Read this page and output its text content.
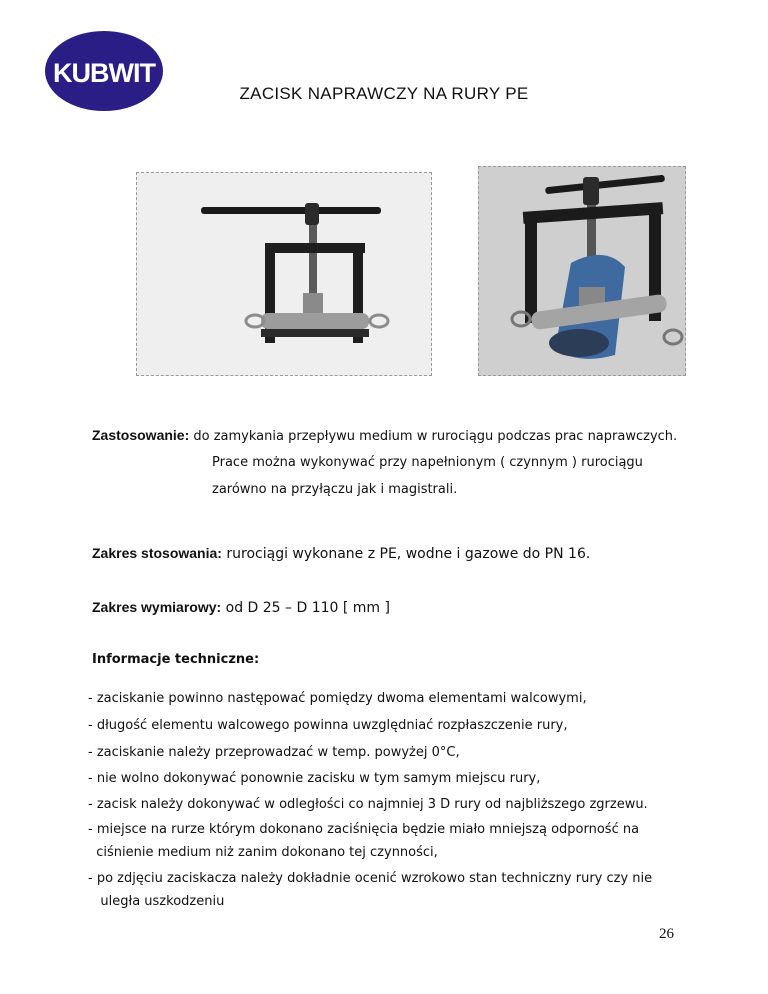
KUBWIT
ZACISK NAPRAWCZY NA RURY PE
Zastosowanie: do zamykania przepływu medium w rurociągu podczas prac naprawczych.
Prace można wykonywać przy napełnionym ( czynnym ) rurociągu
zarówno na przyłączu jak i magistrali.
Zakres stosowania: rurociągi wykonane z PE, wodne i gazowe do PN 16.
Zakres wymiarowy: od D 25 – D 110 [ mm ]
Informacje techniczne:
- zaciskanie powinno następować pomiędzy dwoma elementami walcowymi,
- długość elementu walcowego powinna uwzględniać rozpłaszczenie rury,
- zaciskanie należy przeprowadzać w temp. powyżej 0°C,
- nie wolno dokonywać ponownie zacisku w tym samym miejscu rury,
- zacisk należy dokonywać w odległości co najmniej 3 D rury od najbliższego zgrzewu.
- miejsce na rurze którym dokonano zaciśnięcia będzie miało mniejszą odporność na
ciśnienie medium niż zanim dokonano tej czynności,
- po zdjęciu zaciskacza należy dokładnie ocenić wzrokowo stan techniczny rury czy nie
uległa uszkodzeniu
26
